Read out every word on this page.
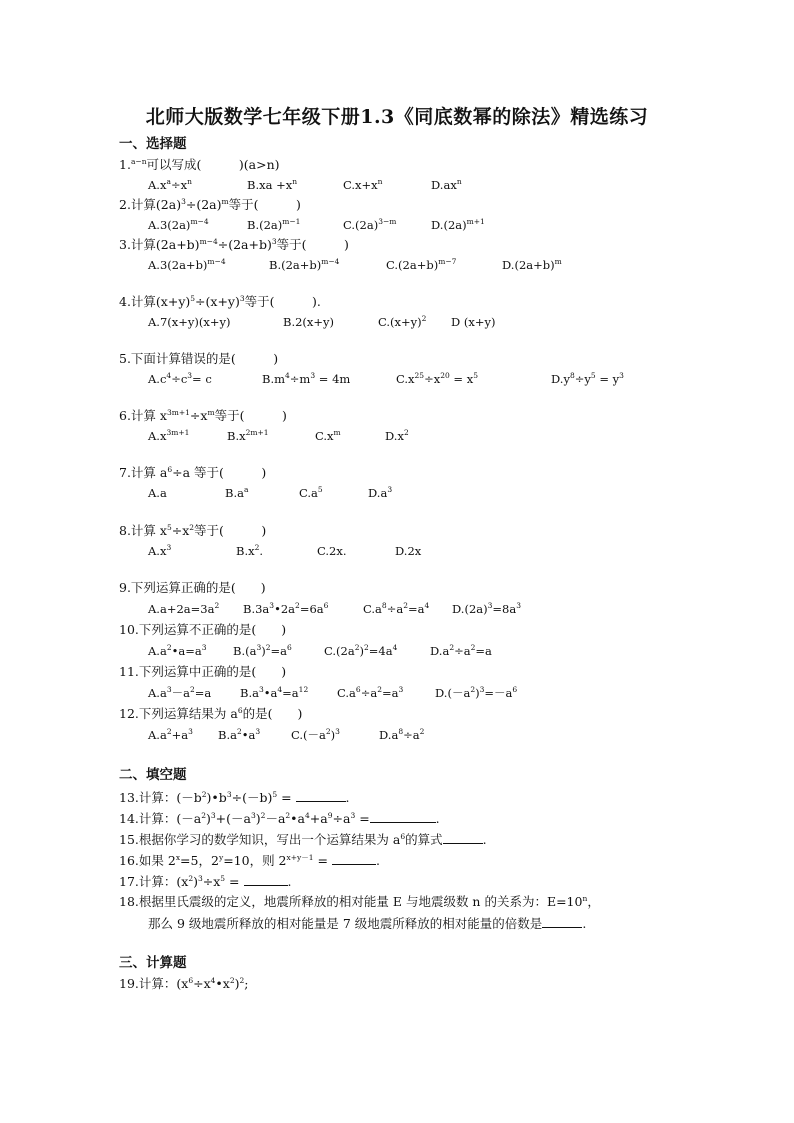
北师大版数学七年级下册1.3《同底数幂的除法》精选练习
一、选择题
1.$^{a-n}$可以写成(　　　)(a>n)
$A.x^a\div x^n$	$B.xa +x^n$	$C.x+x^n$	$D.ax^n$
2.计算$(2a)^3\div(2a)^m$等于(　　　)
$A.3(2a)^{m-4}$	$B.(2a)^{m-1}$	$C.(2a)^{3-m}$	$D.(2a)^{m+1}$
3.计算$(2a+b)^{m-4}\div(2a+b)^3$等于(　　　)
$A.3(2a+b)^{m-4}$	$B.(2a+b)^{m-4}$	$C.(2a+b)^{m-7}$	$D.(2a+b)^m$
4.计算$(x+y)^5\div(x+y)^3$等于(　　　).
A.7(x+y)(x+y)	B.2(x+y)	$C.(x+y)^2$ D (x+y)
5.下面计算错误的是(　　　)
$A.c^4\div c^3= c$	$B.m^4\div m^3 = 4m$	$C.x^{25}\div x^{20} = x^5$	$D.y^8\div y^5 = y^3$
6.计算 $x^{3m+1}\div x^m$等于(　　　)
$A.x^{3m+1}$	$B.x^{2m+1}$	$C.x^m$	$D.x^2$
7.计算 $a^6\div a$ 等于(　　　)
A.a	$B.a^a$	$C.a^5$	$D.a^3$
8.计算 $x^5\div x^2$等于(　　　)
$A.x^3$	$B.x^2$.	C.2x.	D.2x
9.下列运算正确的是(　　)
$A.a+2a=3a^2$ $B.3a^3•2a^2=6a^6$	$C.a^8\div a^2=a^4$ $D.(2a)^3=8a^3$
10.下列运算不正确的是(　　)
$A.a^2•a=a^3$ $B.(a^3)^2=a^6$	$C.(2a^2)^2=4a^4$	$D.a^2\div a^2=a$
11.下列运算中正确的是(　　)
$A.a^3-a^2=a$	$B.a^3•a^4=a^{12}$	$C.a^6\div a^2=a^3$	$D.(-a^2)^3=-a^6$
12.下列运算结果为 $a^6$的是(　　)
$A.a^2+a^3$ $B.a^2•a^3$	$C.(-a^2)^3$	$D.a^8\div a^2$
二、填空题
13.计算：$(-b^2)•b^3\div(-b)^5$ =	.
14.计算：$(-a^2)^3+(-a^3)^2-a^2•a^4+a^9\div a^3$ =	.
15.根据你学习的数学知识，写出一个运算结果为 $a^6$的算式	.
16.如果 $2^x=5$，$2^y=10$，则 $2^{x+y-1}$ =	.
17.计算：$(x^2)^3\div x^5$ =	.
18.根据里氏震级的定义，地震所释放的相对能量 E 与地震级数 n 的关系为：$E=10^n$，
那么 9 级地震所释放的相对能量是 7 级地震所释放的相对能量的倍数是	.
三、计算题
19.计算：$(x^6\div x^4•x^2)^2$;
